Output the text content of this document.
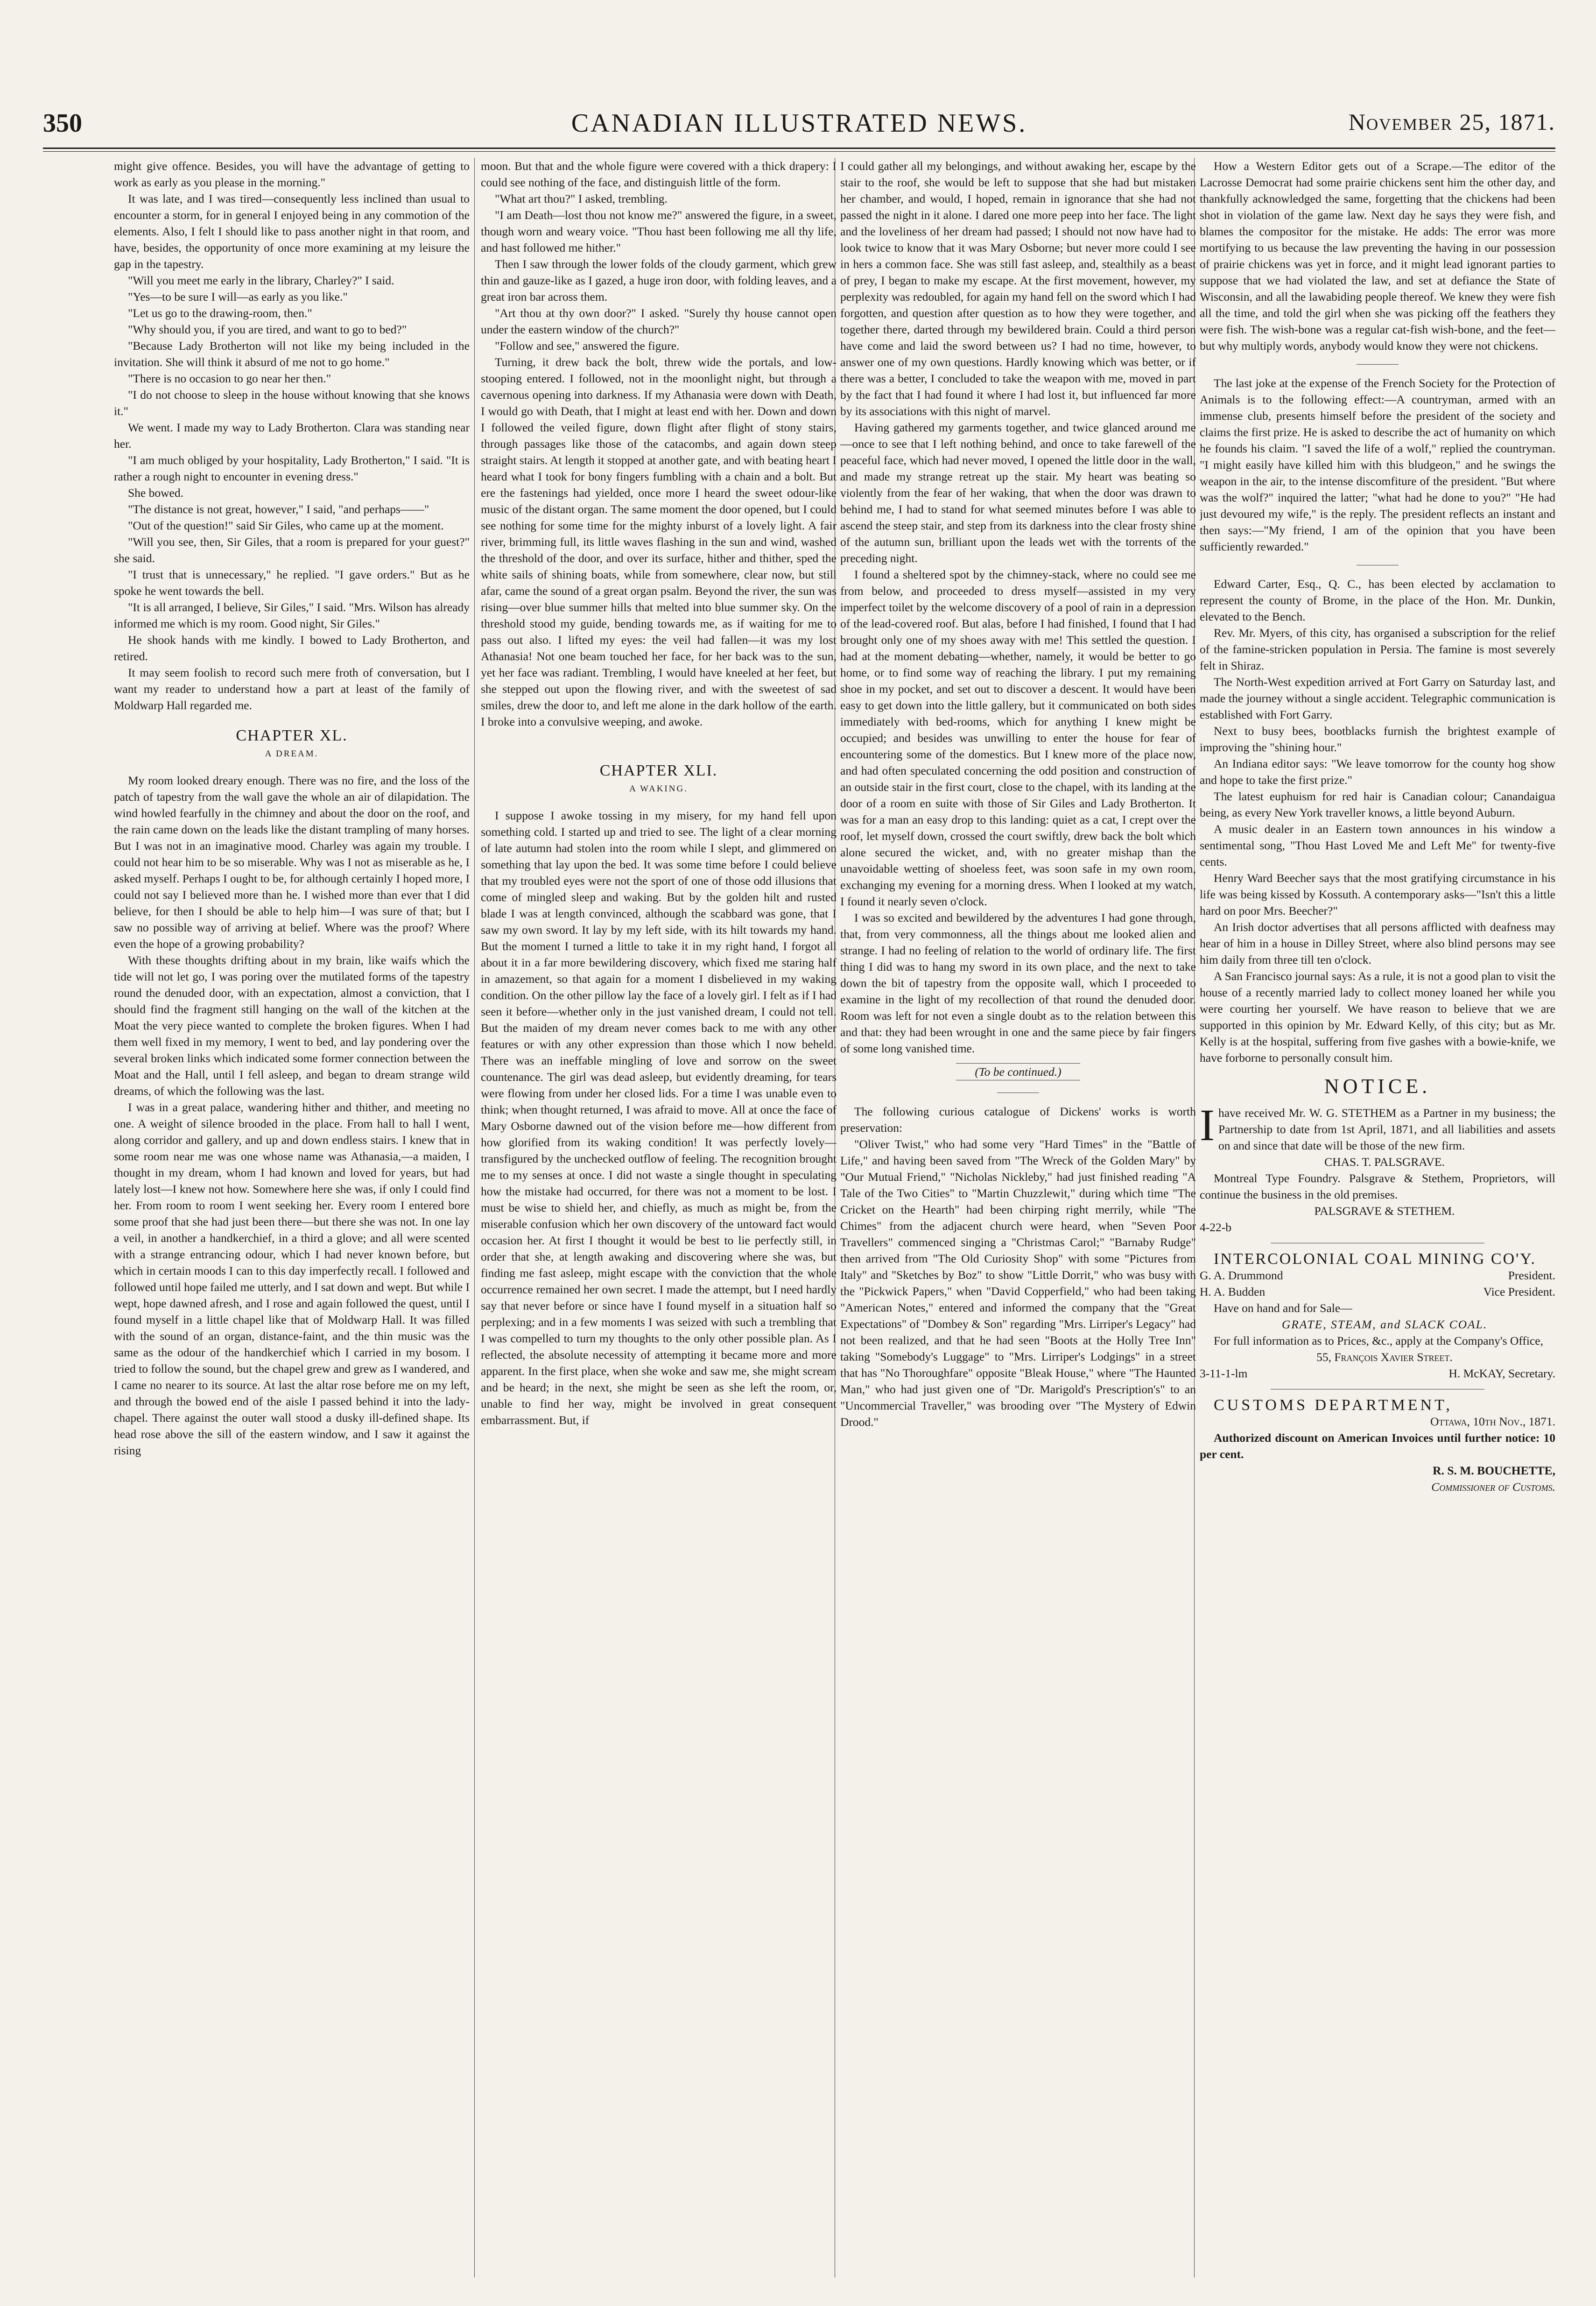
350	CANADIAN ILLUSTRATED NEWS.	November 25, 1871.

might give offence. Besides, you will have the advantage of getting to work as early as you please in the morning."

It was late, and I was tired—consequently less inclined than usual to encounter a storm, for in general I enjoyed being in any commotion of the elements. Also, I felt I should like to pass another night in that room, and have, besides, the opportunity of once more examining at my leisure the gap in the tapestry.

"Will you meet me early in the library, Charley?" I said.

"Yes—to be sure I will—as early as you like."

"Let us go to the drawing-room, then."

"Why should you, if you are tired, and want to go to bed?"

"Because Lady Brotherton will not like my being included in the invitation. She will think it absurd of me not to go home."

"There is no occasion to go near her then."

"I do not choose to sleep in the house without knowing that she knows it."

We went. I made my way to Lady Brotherton. Clara was standing near her.

"I am much obliged by your hospitality, Lady Brotherton," I said. "It is rather a rough night to encounter in evening dress."

She bowed.

"The distance is not great, however," I said, "and perhaps——"

"Out of the question!" said Sir Giles, who came up at the moment.

"Will you see, then, Sir Giles, that a room is prepared for your guest?" she said.

"I trust that is unnecessary," he replied. "I gave orders." But as he spoke he went towards the bell.

"It is all arranged, I believe, Sir Giles," I said. "Mrs. Wilson has already informed me which is my room. Good night, Sir Giles."

He shook hands with me kindly. I bowed to Lady Brotherton, and retired.

It may seem foolish to record such mere froth of conversation, but I want my reader to understand how a part at least of the family of Moldwarp Hall regarded me.

CHAPTER XL.
A DREAM.

My room looked dreary enough. There was no fire, and the loss of the patch of tapestry from the wall gave the whole an air of dilapidation. The wind howled fearfully in the chimney and about the door on the roof, and the rain came down on the leads like the distant trampling of many horses. But I was not in an imaginative mood. Charley was again my trouble. I could not hear him to be so miserable. Why was I not as miserable as he, I asked myself. Perhaps I ought to be, for although certainly I hoped more, I could not say I believed more than he. I wished more than ever that I did believe, for then I should be able to help him—I was sure of that; but I saw no possible way of arriving at belief. Where was the proof? Where even the hope of a growing probability?

With these thoughts drifting about in my brain, like waifs which the tide will not let go, I was poring over the mutilated forms of the tapestry round the denuded door, with an expectation, almost a conviction, that I should find the fragment still hanging on the wall of the kitchen at the Moat the very piece wanted to complete the broken figures. When I had them well fixed in my memory, I went to bed, and lay pondering over the several broken links which indicated some former connection between the Moat and the Hall, until I fell asleep, and began to dream strange wild dreams, of which the following was the last.

I was in a great palace, wandering hither and thither, and meeting no one. A weight of silence brooded in the place. From hall to hall I went, along corridor and gallery, and up and down endless stairs. I knew that in some room near me was one whose name was Athanasia,—a maiden, I thought in my dream, whom I had known and loved for years, but had lately lost—I knew not how. Somewhere here she was, if only I could find her. From room to room I went seeking her. Every room I entered bore some proof that she had just been there—but there she was not. In one lay a veil, in another a handkerchief, in a third a glove; and all were scented with a strange entrancing odour, which I had never known before, but which in certain moods I can to this day imperfectly recall. I followed and followed until hope failed me utterly, and I sat down and wept. But while I wept, hope dawned afresh, and I rose and again followed the quest, until I found myself in a little chapel like that of Moldwarp Hall. It was filled with the sound of an organ, distance-faint, and the thin music was the same as the odour of the handkerchief which I carried in my bosom. I tried to follow the sound, but the chapel grew and grew as I wandered, and I came no nearer to its source. At last the altar rose before me on my left, and through the bowed end of the aisle I passed behind it into the lady-chapel. There against the outer wall stood a dusky ill-defined shape. Its head rose above the sill of the eastern window, and I saw it against the rising

moon. But that and the whole figure were covered with a thick drapery: I could see nothing of the face, and distinguish little of the form.

"What art thou?" I asked, trembling.

"I am Death—lost thou not know me?" answered the figure, in a sweet, though worn and weary voice. "Thou hast been following me all thy life, and hast followed me hither."

Then I saw through the lower folds of the cloudy garment, which grew thin and gauze-like as I gazed, a huge iron door, with folding leaves, and a great iron bar across them.

"Art thou at thy own door?" I asked. "Surely thy house cannot open under the eastern window of the church?"

"Follow and see," answered the figure.

Turning, it drew back the bolt, threw wide the portals, and low-stooping entered. I followed, not in the moonlight night, but through a cavernous opening into darkness. If my Athanasia were down with Death, I would go with Death, that I might at least end with her. Down and down I followed the veiled figure, down flight after flight of stony stairs, through passages like those of the catacombs, and again down steep straight stairs. At length it stopped at another gate, and with beating heart I heard what I took for bony fingers fumbling with a chain and a bolt. But ere the fastenings had yielded, once more I heard the sweet odour-like music of the distant organ. The same moment the door opened, but I could see nothing for some time for the mighty inburst of a lovely light. A fair river, brimming full, its little waves flashing in the sun and wind, washed the threshold of the door, and over its surface, hither and thither, sped the white sails of shining boats, while from somewhere, clear now, but still afar, came the sound of a great organ psalm. Beyond the river, the sun was rising—over blue summer hills that melted into blue summer sky. On the threshold stood my guide, bending towards me, as if waiting for me to pass out also. I lifted my eyes: the veil had fallen—it was my lost Athanasia! Not one beam touched her face, for her back was to the sun, yet her face was radiant. Trembling, I would have kneeled at her feet, but she stepped out upon the flowing river, and with the sweetest of sad smiles, drew the door to, and left me alone in the dark hollow of the earth. I broke into a convulsive weeping, and awoke.

CHAPTER XLI.
A WAKING.

I suppose I awoke tossing in my misery, for my hand fell upon something cold. I started up and tried to see. The light of a clear morning of late autumn had stolen into the room while I slept, and glimmered on something that lay upon the bed. It was some time before I could believe that my troubled eyes were not the sport of one of those odd illusions that come of mingled sleep and waking. But by the golden hilt and rusted blade I was at length convinced, although the scabbard was gone, that I saw my own sword. It lay by my left side, with its hilt towards my hand. But the moment I turned a little to take it in my right hand, I forgot all about it in a far more bewildering discovery, which fixed me staring half in amazement, so that again for a moment I disbelieved in my waking condition. On the other pillow lay the face of a lovely girl. I felt as if I had seen it before—whether only in the just vanished dream, I could not tell. But the maiden of my dream never comes back to me with any other features or with any other expression than those which I now beheld. There was an ineffable mingling of love and sorrow on the sweet countenance. The girl was dead asleep, but evidently dreaming, for tears were flowing from under her closed lids. For a time I was unable even to think; when thought returned, I was afraid to move. All at once the face of Mary Osborne dawned out of the vision before me—how different from how glorified from its waking condition! It was perfectly lovely—transfigured by the unchecked outflow of feeling. The recognition brought me to my senses at once. I did not waste a single thought in speculating how the mistake had occurred, for there was not a moment to be lost. I must be wise to shield her, and chiefly, as much as might be, from the miserable confusion which her own discovery of the untoward fact would occasion her. At first I thought it would be best to lie perfectly still, in order that she, at length awaking and discovering where she was, but finding me fast asleep, might escape with the conviction that the whole occurrence remained her own secret. I made the attempt, but I need hardly say that never before or since have I found myself in a situation half so perplexing; and in a few moments I was seized with such a trembling that I was compelled to turn my thoughts to the only other possible plan. As I reflected, the absolute necessity of attempting it became more and more apparent. In the first place, when she woke and saw me, she might scream and be heard; in the next, she might be seen as she left the room, or, unable to find her way, might be involved in great consequent embarrassment. But, if

I could gather all my belongings, and without awaking her, escape by the stair to the roof, she would be left to suppose that she had but mistaken her chamber, and would, I hoped, remain in ignorance that she had not passed the night in it alone. I dared one more peep into her face. The light and the loveliness of her dream had passed; I should not now have had to look twice to know that it was Mary Osborne; but never more could I see in hers a common face. She was still fast asleep, and, stealthily as a beast of prey, I began to make my escape. At the first movement, however, my perplexity was redoubled, for again my hand fell on the sword which I had forgotten, and question after question as to how they were together, and together there, darted through my bewildered brain. Could a third person have come and laid the sword between us? I had no time, however, to answer one of my own questions. Hardly knowing which was better, or if there was a better, I concluded to take the weapon with me, moved in part by the fact that I had found it where I had lost it, but influenced far more by its associations with this night of marvel.

Having gathered my garments together, and twice glanced around me—once to see that I left nothing behind, and once to take farewell of the peaceful face, which had never moved, I opened the little door in the wall, and made my strange retreat up the stair. My heart was beating so violently from the fear of her waking, that when the door was drawn to behind me, I had to stand for what seemed minutes before I was able to ascend the steep stair, and step from its darkness into the clear frosty shine of the autumn sun, brilliant upon the leads wet with the torrents of the preceding night.

I found a sheltered spot by the chimney-stack, where no could see me from below, and proceeded to dress myself—assisted in my very imperfect toilet by the welcome discovery of a pool of rain in a depression of the lead-covered roof. But alas, before I had finished, I found that I had brought only one of my shoes away with me! This settled the question. I had at the moment debating—whether, namely, it would be better to go home, or to find some way of reaching the library. I put my remaining shoe in my pocket, and set out to discover a descent. It would have been easy to get down into the little gallery, but it communicated on both sides immediately with bed-rooms, which for anything I knew might be occupied; and besides was unwilling to enter the house for fear of encountering some of the domestics. But I knew more of the place now, and had often speculated concerning the odd position and construction of an outside stair in the first court, close to the chapel, with its landing at the door of a room en suite with those of Sir Giles and Lady Brotherton. It was for a man an easy drop to this landing: quiet as a cat, I crept over the roof, let myself down, crossed the court swiftly, drew back the bolt which alone secured the wicket, and, with no greater mishap than the unavoidable wetting of shoeless feet, was soon safe in my own room, exchanging my evening for a morning dress. When I looked at my watch, I found it nearly seven o'clock.

I was so excited and bewildered by the adventures I had gone through, that, from very commonness, all the things about me looked alien and strange. I had no feeling of relation to the world of ordinary life. The first thing I did was to hang my sword in its own place, and the next to take down the bit of tapestry from the opposite wall, which I proceeded to examine in the light of my recollection of that round the denuded door. Room was left for not even a single doubt as to the relation between this and that: they had been wrought in one and the same piece by fair fingers of some long vanished time.

(To be continued.)

The following curious catalogue of Dickens' works is worth preservation:

"Oliver Twist," who had some very "Hard Times" in the "Battle of Life," and having been saved from "The Wreck of the Golden Mary" by "Our Mutual Friend," "Nicholas Nickleby," had just finished reading "A Tale of the Two Cities" to "Martin Chuzzlewit," during which time "The Cricket on the Hearth" had been chirping right merrily, while "The Chimes" from the adjacent church were heard, when "Seven Poor Travellers" commenced singing a "Christmas Carol;" "Barnaby Rudge" then arrived from "The Old Curiosity Shop" with some "Pictures from Italy" and "Sketches by Boz" to show "Little Dorrit," who was busy with the "Pickwick Papers," when "David Copperfield," who had been taking "American Notes," entered and informed the company that the "Great Expectations" of "Dombey & Son" regarding "Mrs. Lirriper's Legacy" had not been realized, and that he had seen "Boots at the Holly Tree Inn" taking "Somebody's Luggage" to "Mrs. Lirriper's Lodgings" in a street that has "No Thoroughfare" opposite "Bleak House," where "The Haunted Man," who had just given one of "Dr. Marigold's Prescription's" to an "Uncommercial Traveller," was brooding over "The Mystery of Edwin Drood."

How a Western Editor gets out of a Scrape.—The editor of the Lacrosse Democrat had some prairie chickens sent him the other day, and thankfully acknowledged the same, forgetting that the chickens had been shot in violation of the game law. Next day he says they were fish, and blames the compositor for the mistake. He adds: The error was more mortifying to us because the law preventing the having in our possession of prairie chickens was yet in force, and it might lead ignorant parties to suppose that we had violated the law, and set at defiance the State of Wisconsin, and all the lawabiding people thereof. We knew they were fish all the time, and told the girl when she was picking off the feathers they were fish. The wish-bone was a regular cat-fish wish-bone, and the feet—but why multiply words, anybody would know they were not chickens.

The last joke at the expense of the French Society for the Protection of Animals is to the following effect:—A countryman, armed with an immense club, presents himself before the president of the society and claims the first prize. He is asked to describe the act of humanity on which he founds his claim. "I saved the life of a wolf," replied the countryman. "I might easily have killed him with this bludgeon," and he swings the weapon in the air, to the intense discomfiture of the president. "But where was the wolf?" inquired the latter; "what had he done to you?" "He had just devoured my wife," is the reply. The president reflects an instant and then says:—"My friend, I am of the opinion that you have been sufficiently rewarded."

Edward Carter, Esq., Q. C., has been elected by acclamation to represent the county of Brome, in the place of the Hon. Mr. Dunkin, elevated to the Bench.

Rev. Mr. Myers, of this city, has organised a subscription for the relief of the famine-stricken population in Persia. The famine is most severely felt in Shiraz.

The North-West expedition arrived at Fort Garry on Saturday last, and made the journey without a single accident. Telegraphic communication is established with Fort Garry.

Next to busy bees, bootblacks furnish the brightest example of improving the "shining hour."

An Indiana editor says: "We leave tomorrow for the county hog show and hope to take the first prize."

The latest euphuism for red hair is Canadian colour; Canandaigua being, as every New York traveller knows, a little beyond Auburn.

A music dealer in an Eastern town announces in his window a sentimental song, "Thou Hast Loved Me and Left Me" for twenty-five cents.

Henry Ward Beecher says that the most gratifying circumstance in his life was being kissed by Kossuth. A contemporary asks—"Isn't this a little hard on poor Mrs. Beecher?"

An Irish doctor advertises that all persons afflicted with deafness may hear of him in a house in Dilley Street, where also blind persons may see him daily from three till ten o'clock.

A San Francisco journal says: As a rule, it is not a good plan to visit the house of a recently married lady to collect money loaned her while you were courting her yourself. We have reason to believe that we are supported in this opinion by Mr. Edward Kelly, of this city; but as Mr. Kelly is at the hospital, suffering from five gashes with a bowie-knife, we have forborne to personally consult him.

NOTICE.

Ihave received Mr. W. G. STETHEM as a Partner in my business; the Partnership to date from 1st April, 1871, and all liabilities and assets on and since that date will be those of the new firm.

CHAS. T. PALSGRAVE.

Montreal Type Foundry. Palsgrave & Stethem, Proprietors, will continue the business in the old premises.

PALSGRAVE & STETHEM.

4-22-b

INTERCOLONIAL COAL MINING CO'Y.

G. A. Drummond	President.
H. A. Budden	Vice President.

Have on hand and for Sale—

GRATE, STEAM, and SLACK COAL.

For full information as to Prices, &c., apply at the Company's Office,

55, François Xavier Street.

3-11-1-lm	H. McKAY, Secretary.

CUSTOMS DEPARTMENT,

Ottawa, 10th Nov., 1871.

Authorized discount on American Invoices until further notice: 10 per cent.

R. S. M. BOUCHETTE,

Commissioner of Customs.
